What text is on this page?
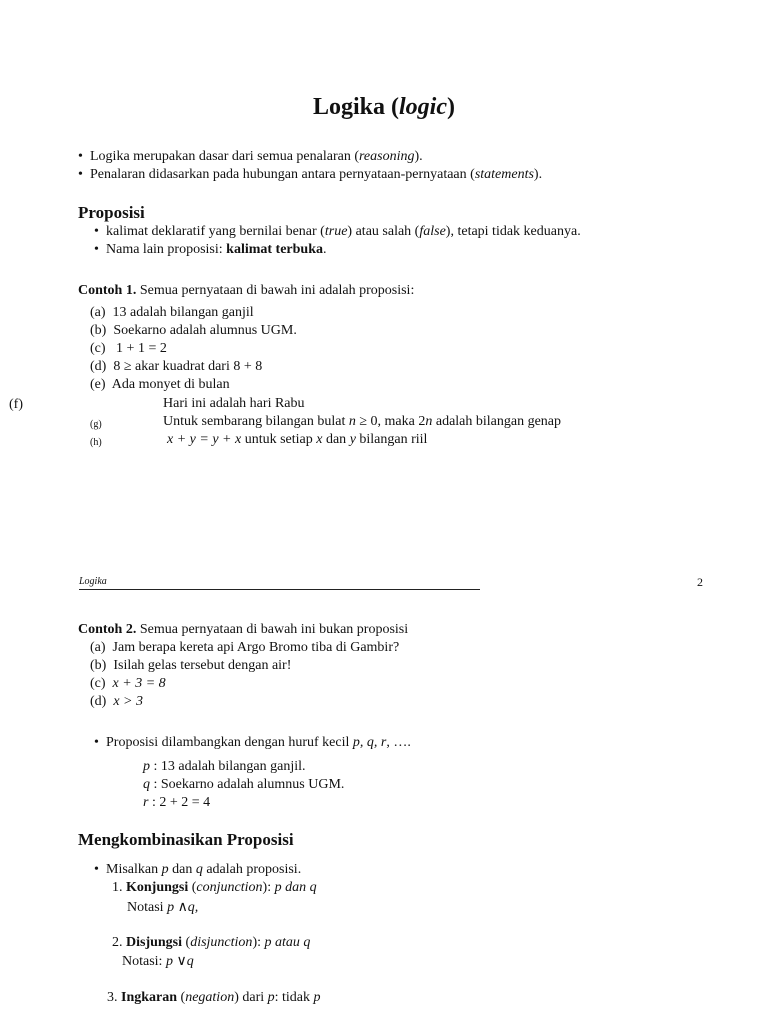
Logika (logic)
• Logika merupakan dasar dari semua penalaran (reasoning).
• Penalaran didasarkan pada hubungan antara pernyataan-pernyataan (statements).
Proposisi
• kalimat deklaratif yang bernilai benar (true) atau salah (false), tetapi tidak keduanya.
• Nama lain proposisi: kalimat terbuka.
Contoh 1. Semua pernyataan di bawah ini adalah proposisi:
(a) 13 adalah bilangan ganjil
(b) Soekarno adalah alumnus UGM.
(c) 1 + 1 = 2
(d) 8 ≥ akar kuadrat dari 8 + 8
(e) Ada monyet di bulan
(f)	Hari ini adalah hari Rabu
(g)	Untuk sembarang bilangan bulat n ≥ 0, maka 2n adalah bilangan genap
(h)	x + y = y + x untuk setiap x dan y bilangan riil
Logika	2
Contoh 2. Semua pernyataan di bawah ini bukan proposisi
(a) Jam berapa kereta api Argo Bromo tiba di Gambir?
(b) Isilah gelas tersebut dengan air!
(c) x + 3 = 8
(d) x > 3
• Proposisi dilambangkan dengan huruf kecil p, q, r, ….
p : 13 adalah bilangan ganjil.
q : Soekarno adalah alumnus UGM.
r : 2 + 2 = 4
Mengkombinasikan Proposisi
• Misalkan p dan q adalah proposisi.
1. Konjungsi (conjunction): p dan q
Notasi p ∧q,
2. Disjungsi (disjunction): p atau q
Notasi: p ∨q
3. Ingkaran (negation) dari p: tidak p
